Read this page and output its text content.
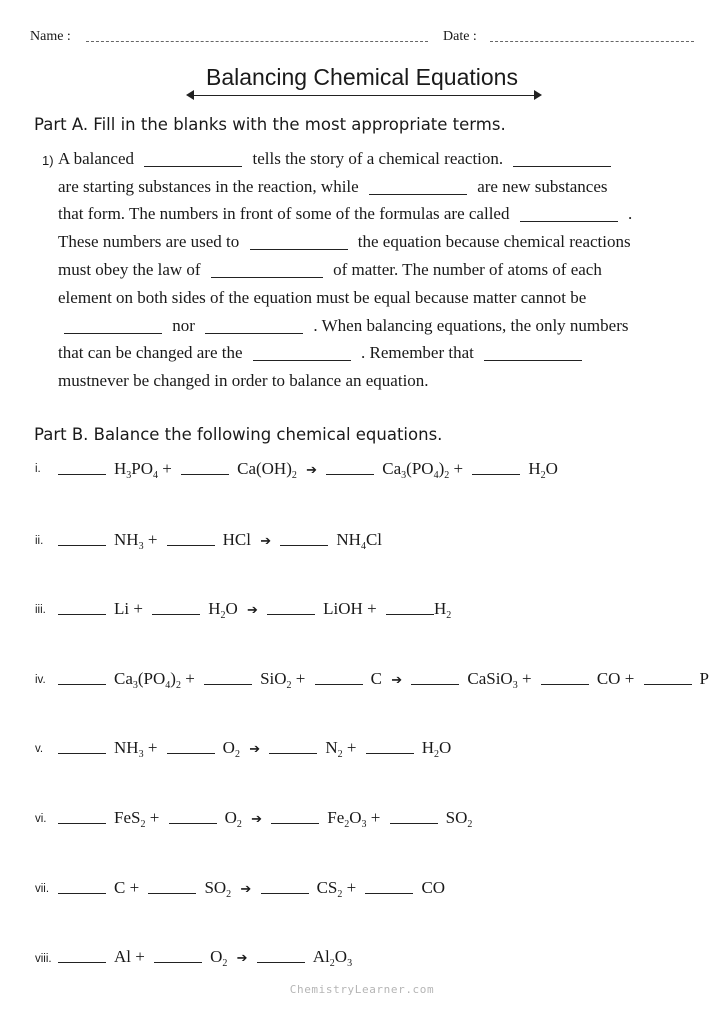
Name :	Date :
Balancing Chemical Equations
Part A. Fill in the blanks with the most appropriate terms.
1) A balanced	tells the story of a chemical reaction.
are starting substances in the reaction, while	are new substances
that form. The numbers in front of some of the formulas are called	.
These numbers are used to	the equation because chemical reactions
must obey the law of	of matter. The number of atoms of each
element on both sides of the equation must be equal because matter cannot be
nor	. When balancing equations, the only numbers
that can be changed are the	. Remember that
mustnever be changed in order to balance an equation.
Part B. Balance the following chemical equations.
i.	$H_3PO_4$ +	$Ca(OH)_2$ ➔	$Ca_3(PO_4)_2$ +	$H_2O$
ii.	$NH_3$ +	HCl ➔	$NH_4Cl$
iii.	Li +	$H_2O$ ➔	LiOH +	$H_2$
iv.	$Ca_3(PO_4)_2$ +	SiO$_2$ +	C ➔	CaSiO$_3$ +	CO +	P
v.	$NH_3$ +	$O_2$ ➔	$N_2$ +	$H_2O$
vi.	FeS$_2$ +	$O_2$ ➔	$Fe_2O_3$ +	$SO_2$
vii.	C +	$SO_2$ ➔	$CS_2$ +	CO
viii.	Al +	$O_2$ ➔	$Al_2O_3$
ChemistryLearner.com
